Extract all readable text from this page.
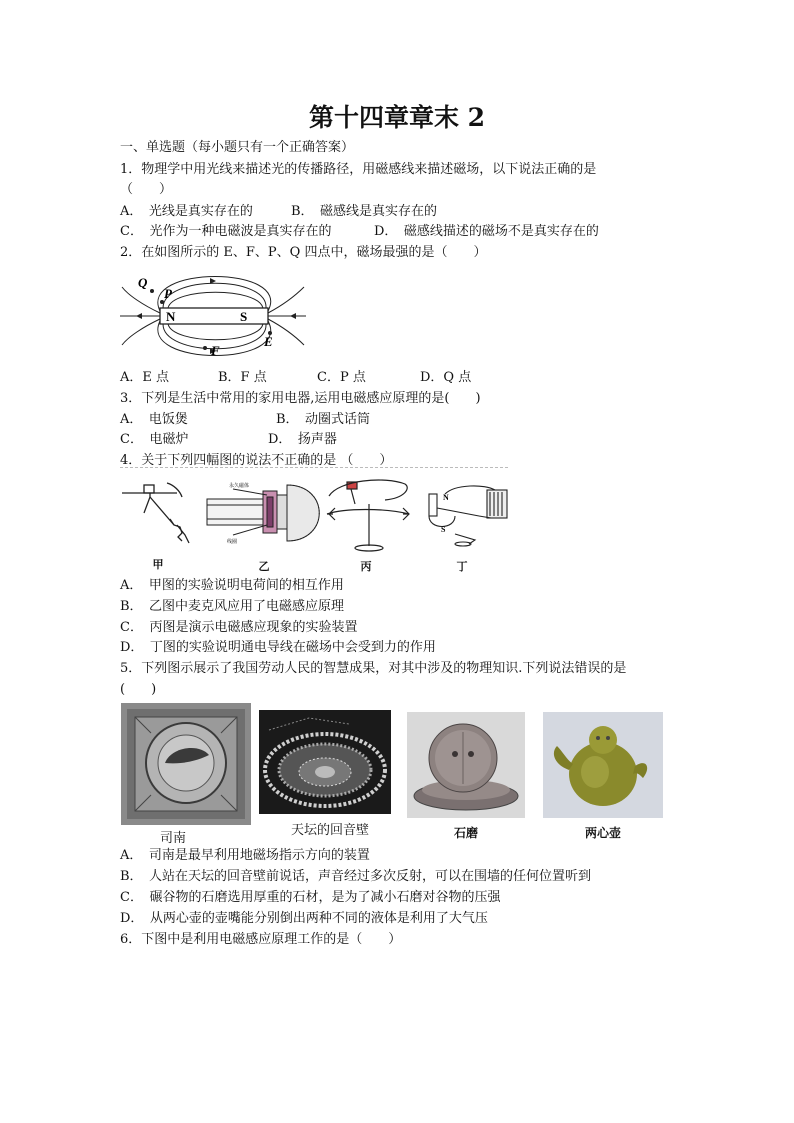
第十四章章末 2
一、单选题（每小题只有一个正确答案）
1．物理学中用光线来描述光的传播路径，用磁感线来描述磁场，以下说法正确的是
（　　）
A．　光线是真实存在的	B．　磁感线是真实存在的
C．　光作为一种电磁波是真实存在的	D．　磁感线描述的磁场不是真实存在的
2．在如图所示的 E、F、P、Q 四点中，磁场最强的是（　　）
Q
P
N	S
F
E
A．E 点	B．F 点	C．P 点	D．Q 点
3．下列是生活中常用的家用电器,运用电磁感应原理的是(　　)
A．　电饭煲	B．　动圈式话筒
C．　电磁炉	D．　扬声器
4．关于下列四幅图的说法不正确的是 （　　）
甲
永久磁体
线圈
乙	丙
N
S
丁
A．　甲图的实验说明电荷间的相互作用
B．　乙图中麦克风应用了电磁感应原理
C．　丙图是演示电磁感应现象的实验装置
D．　丁图的实验说明通电导线在磁场中会受到力的作用
5．下列图示展示了我国劳动人民的智慧成果，对其中涉及的物理知识.下列说法错误的是
(　　)
司南
天坛的回音壁	石磨	两心壶
A．　司南是最早利用地磁场指示方向的装置
B．　人站在天坛的回音壁前说话，声音经过多次反射，可以在围墙的任何位置听到
C．　碾谷物的石磨选用厚重的石材，是为了减小石磨对谷物的压强
D．　从两心壶的壶嘴能分别倒出两种不同的液体是利用了大气压
6．下图中是利用电磁感应原理工作的是（　　）
